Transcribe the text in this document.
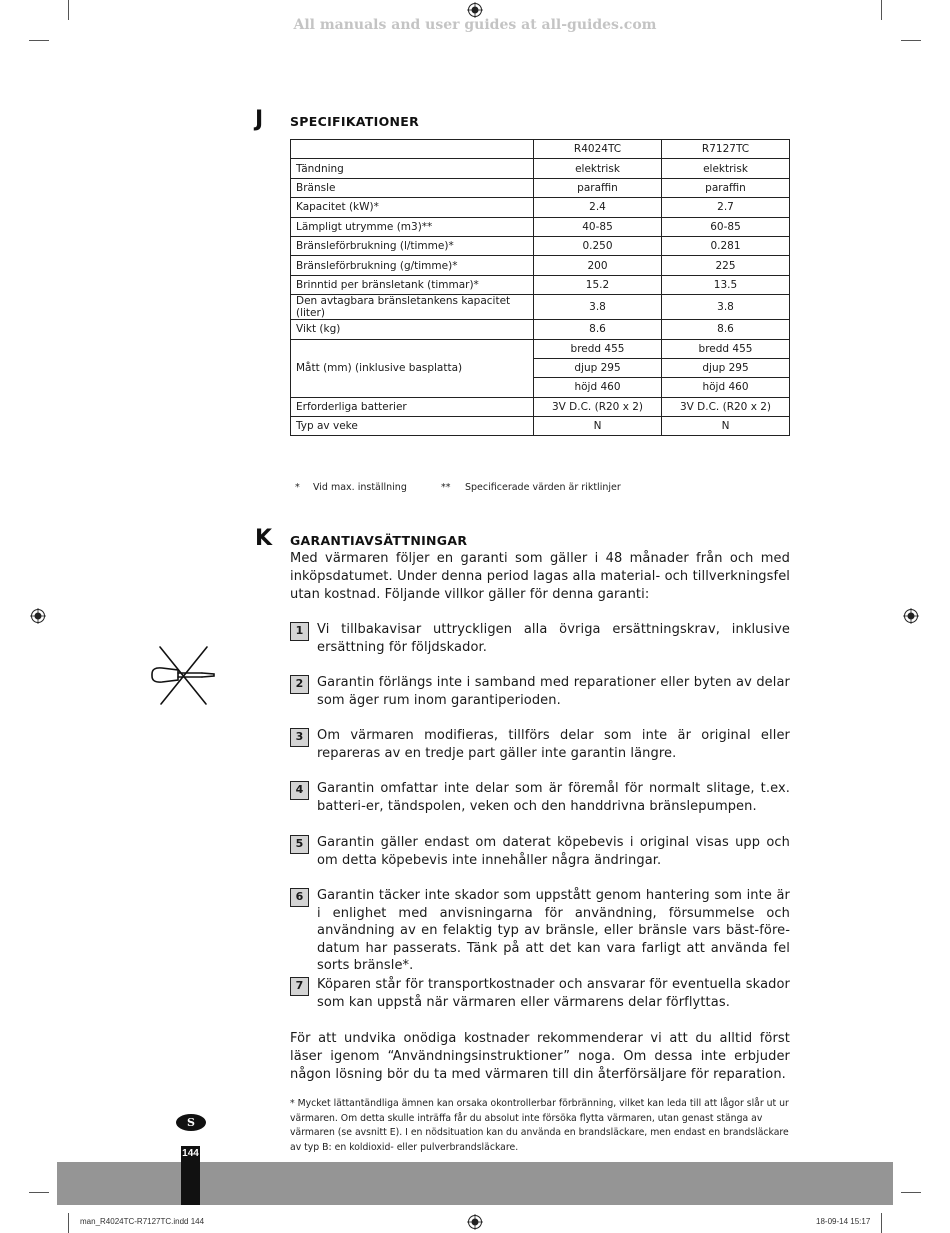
All manuals and user guides at all-guides.com
J SPECIFIKATIONER
	R4024TC	R7127TC
Tändning	elektrisk	elektrisk
Bränsle	paraffin	paraffin
Kapacitet (kW)*	2.4	2.7
Lämpligt utrymme (m3)**	40-85	60-85
Bränsleförbrukning (l/timme)*	0.250	0.281
Bränsleförbrukning (g/timme)*	200	225
Brinntid per bränsletank (timmar)*	15.2	13.5
Den avtagbara bränsletankens kapacitet (liter)	3.8	3.8
Vikt (kg)	8.6	8.6
Mått (mm) (inklusive basplatta)	bredd 455	bredd 455
	djup 295	djup 295
	höjd 460	höjd 460
Erforderliga batterier	3V D.C. (R20 x 2)	3V D.C. (R20 x 2)
Typ av veke	N	N
* Vid max. inställning	** Specificerade värden är riktlinjer
K GARANTIAVSÄTTNINGAR
Med värmaren följer en garanti som gäller i 48 månader från och med inköpsdatumet. Under denna period lagas alla material- och tillverkningsfel utan kostnad. Följande villkor gäller för denna garanti:
1	Vi tillbakavisar uttryckligen alla övriga ersättningskrav, inklusive ersättning för följdskador.
2	Garantin förlängs inte i samband med reparationer eller byten av delar som äger rum inom garantiperioden.
3	Om värmaren modifieras, tillförs delar som inte är original eller repareras av en tredje part gäller inte garantin längre.
4	Garantin omfattar inte delar som är föremål för normalt slitage, t.ex. batteri-er, tändspolen, veken och den handdrivna bränslepumpen.
5	Garantin gäller endast om daterat köpebevis i original visas upp och om detta köpebevis inte innehåller några ändringar.
6	Garantin täcker inte skador som uppstått genom hantering som inte är i enlighet med anvisningarna för användning, försummelse och användning av en felaktig typ av bränsle, eller bränsle vars bäst-före-datum har passerats. Tänk på att det kan vara farligt att använda fel sorts bränsle*.
7	Köparen står för transportkostnader och ansvarar för eventuella skador som kan uppstå när värmaren eller värmarens delar förflyttas.
För att undvika onödiga kostnader rekommenderar vi att du alltid först läser igenom “Användningsinstruktioner” noga. Om dessa inte erbjuder någon lösning bör du ta med värmaren till din återförsäljare för reparation.
* Mycket lättantändliga ämnen kan orsaka okontrollerbar förbränning, vilket kan leda till att lågor slår ut ur värmaren. Om detta skulle inträffa får du absolut inte försöka flytta värmaren, utan genast stänga av värmaren (se avsnitt E). I en nödsituation kan du använda en brandsläckare, men endast en brandsläckare av typ B: en koldioxid- eller pulverbrandsläckare.
S
144
man_R4024TC-R7127TC.indd 144	18-09-14 15:17
